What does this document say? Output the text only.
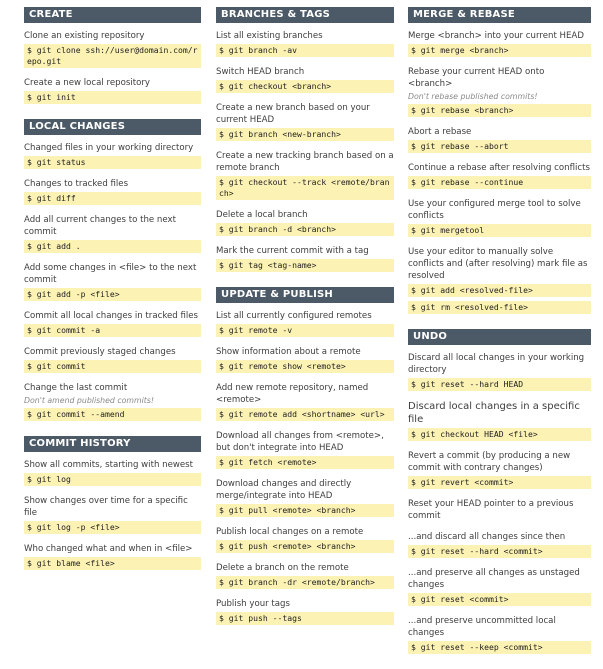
CREATE
Clone an existing repository
$ git clone ssh://user@domain.com/repo.git
Create a new local repository
$ git init
LOCAL CHANGES
Changed files in your working directory
$ git status
Changes to tracked files
$ git diff
Add all current changes to the next commit
$ git add .
Add some changes in <file> to the next commit
$ git add -p <file>
Commit all local changes in tracked files
$ git commit -a
Commit previously staged changes
$ git commit
Change the last commit
Don't amend published commits!
$ git commit --amend
COMMIT HISTORY
Show all commits, starting with newest
$ git log
Show changes over time for a specific file
$ git log -p <file>
Who changed what and when in <file>
$ git blame <file>
BRANCHES & TAGS
List all existing branches
$ git branch -av
Switch HEAD branch
$ git checkout <branch>
Create a new branch based on your current HEAD
$ git branch <new-branch>
Create a new tracking branch based on a remote branch
$ git checkout --track <remote/branch>
Delete a local branch
$ git branch -d <branch>
Mark the current commit with a tag
$ git tag <tag-name>
UPDATE & PUBLISH
List all currently configured remotes
$ git remote -v
Show information about a remote
$ git remote show <remote>
Add new remote repository, named <remote>
$ git remote add <shortname> <url>
Download all changes from <remote>, but don't integrate into HEAD
$ git fetch <remote>
Download changes and directly merge/integrate into HEAD
$ git pull <remote> <branch>
Publish local changes on a remote
$ git push <remote> <branch>
Delete a branch on the remote
$ git branch -dr <remote/branch>
Publish your tags
$ git push --tags
MERGE & REBASE
Merge <branch> into your current HEAD
$ git merge <branch>
Rebase your current HEAD onto <branch>
Don't rebase published commits!
$ git rebase <branch>
Abort a rebase
$ git rebase --abort
Continue a rebase after resolving conflicts
$ git rebase --continue
Use your configured merge tool to solve conflicts
$ git mergetool
Use your editor to manually solve conflicts and (after resolving) mark file as resolved
$ git add <resolved-file>
$ git rm <resolved-file>
UNDO
Discard all local changes in your working directory
$ git reset --hard HEAD
Discard local changes in a specific file
$ git checkout HEAD <file>
Revert a commit (by producing a new commit with contrary changes)
$ git revert <commit>
Reset your HEAD pointer to a previous commit
...and discard all changes since then
$ git reset --hard <commit>
...and preserve all changes as unstaged changes
$ git reset <commit>
...and preserve uncommitted local changes
$ git reset --keep <commit>
